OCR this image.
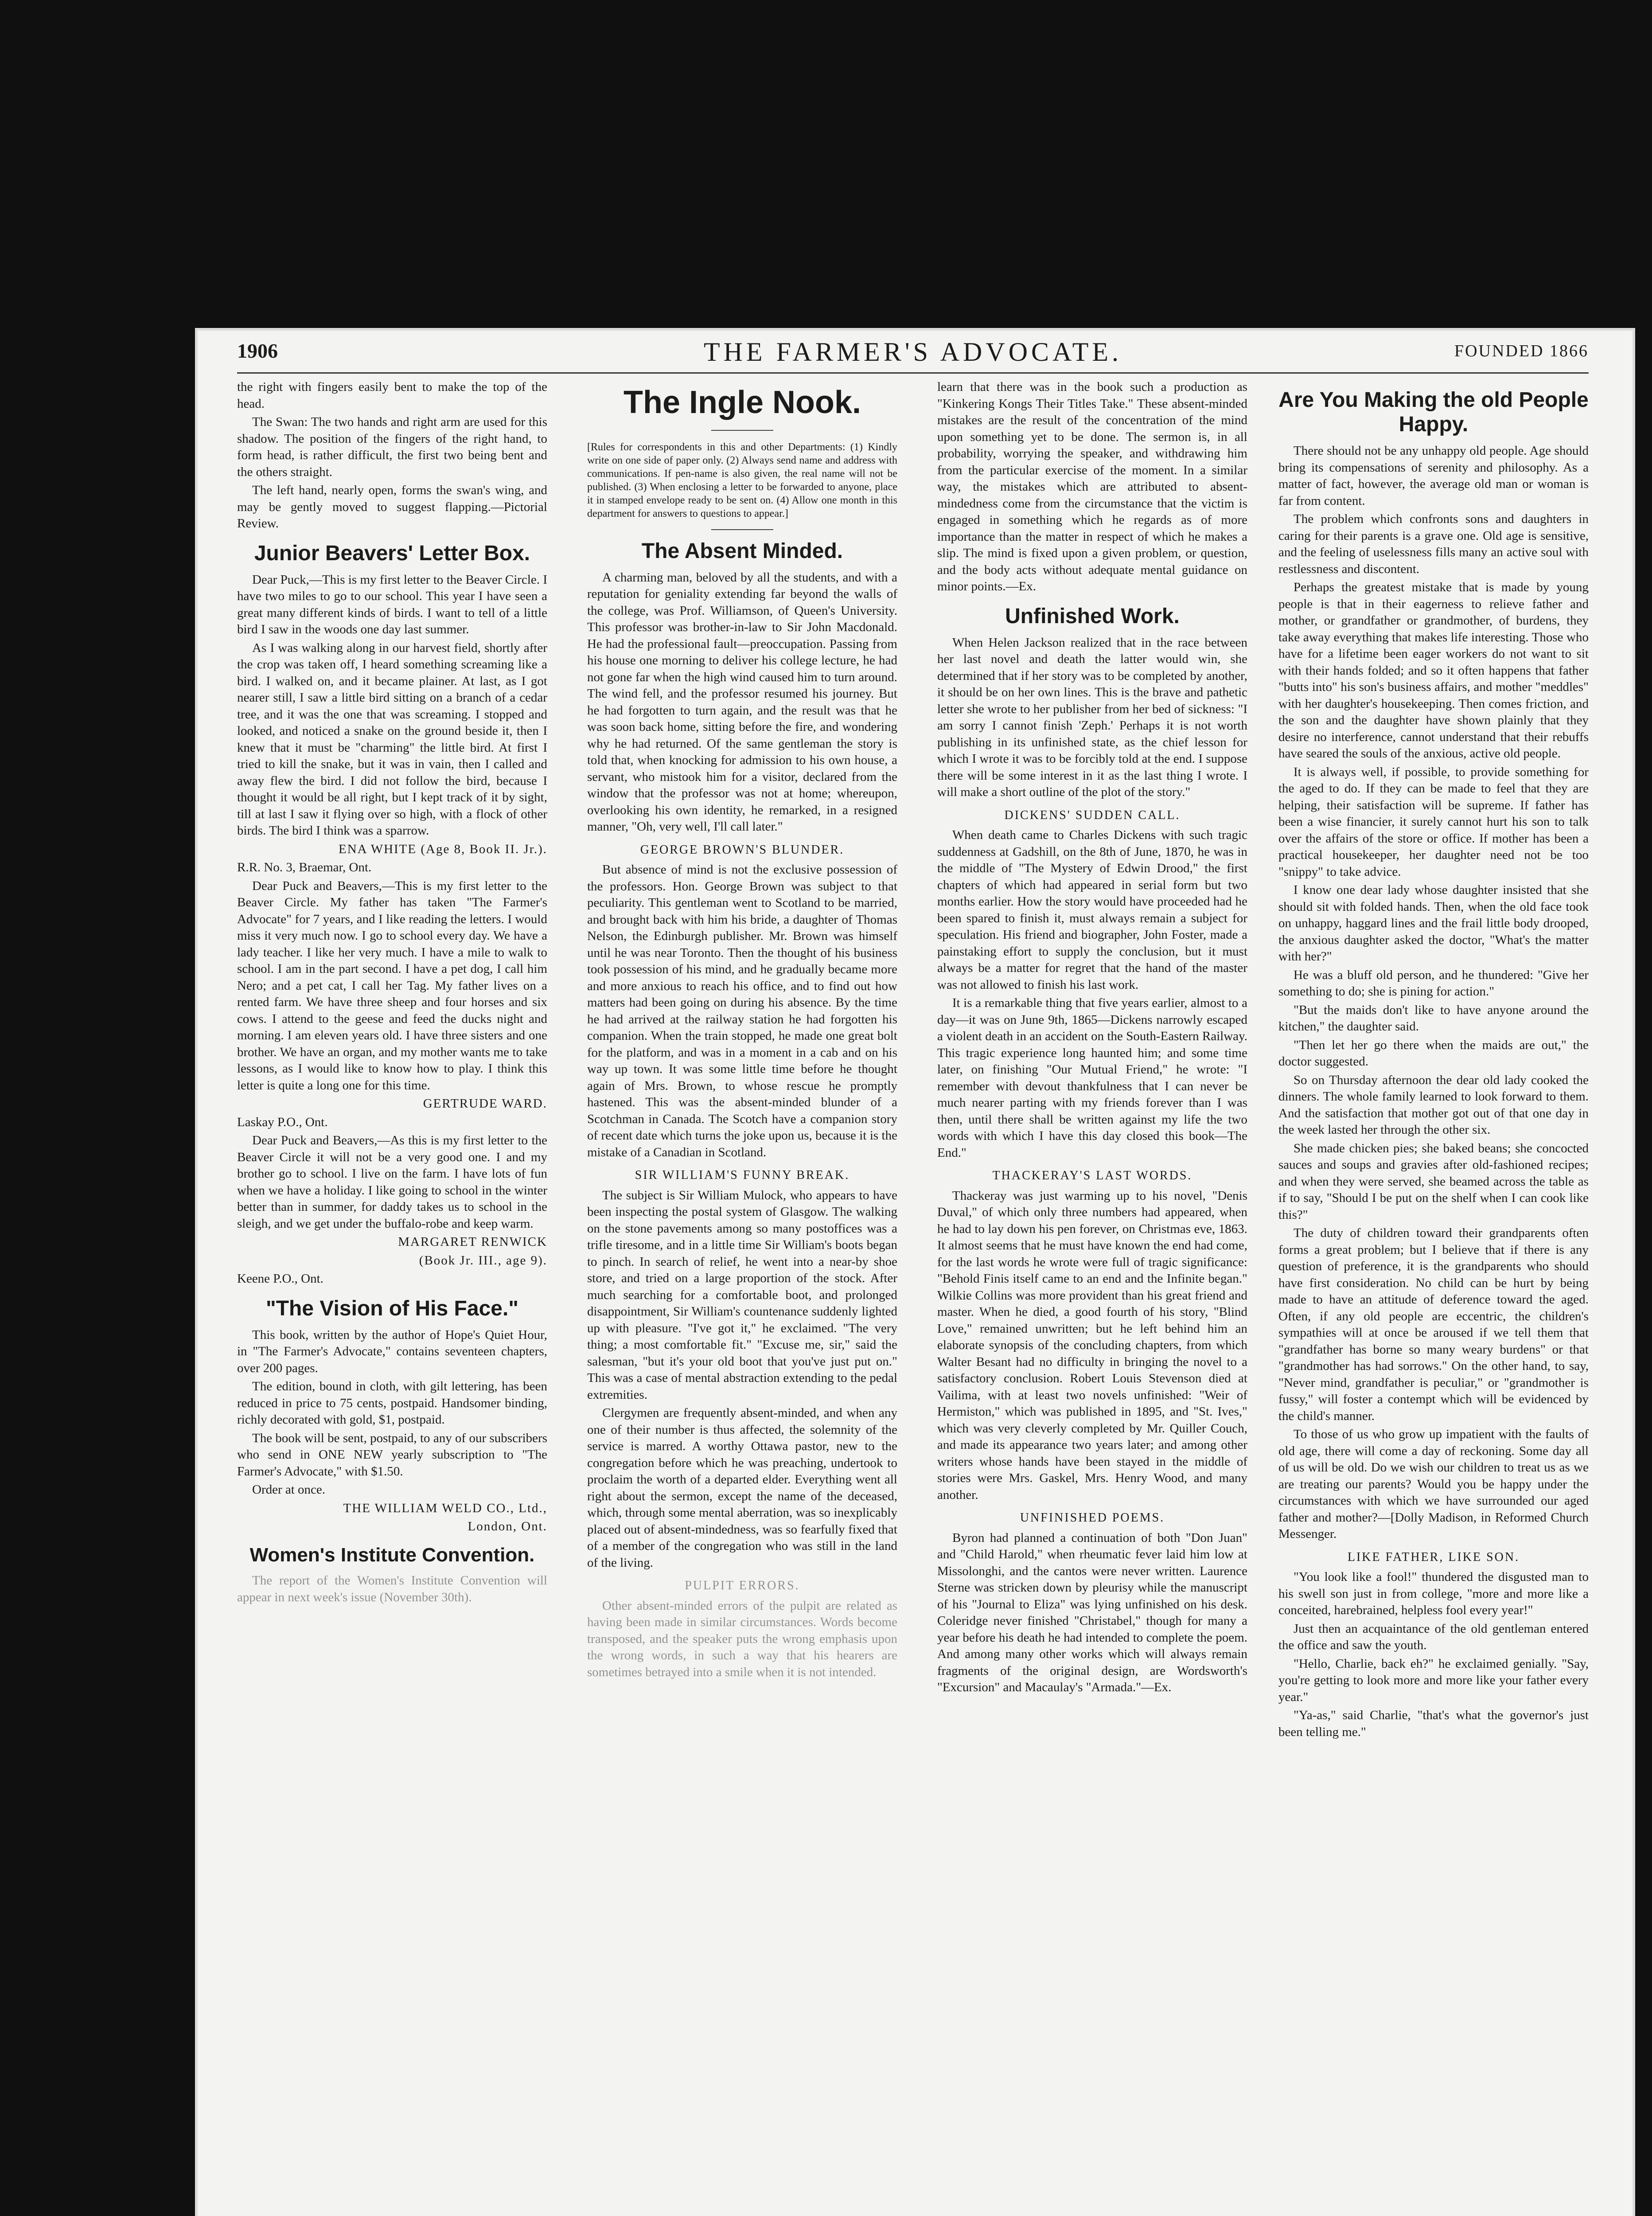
1906	THE FARMER'S ADVOCATE.	FOUNDED 1866

the right with fingers easily bent to make the top of the head.

The Swan: The two hands and right arm are used for this shadow. The position of the fingers of the right hand, to form head, is rather difficult, the first two being bent and the others straight.

The left hand, nearly open, forms the swan's wing, and may be gently moved to suggest flapping.—Pictorial Review.

Junior Beavers' Letter Box.

Dear Puck,—This is my first letter to the Beaver Circle. I have two miles to go to our school. This year I have seen a great many different kinds of birds. I want to tell of a little bird I saw in the woods one day last summer.

As I was walking along in our harvest field, shortly after the crop was taken off, I heard something screaming like a bird. I walked on, and it became plainer. At last, as I got nearer still, I saw a little bird sitting on a branch of a cedar tree, and it was the one that was screaming. I stopped and looked, and noticed a snake on the ground beside it, then I knew that it must be "charming" the little bird. At first I tried to kill the snake, but it was in vain, then I called and away flew the bird. I did not follow the bird, because I thought it would be all right, but I kept track of it by sight, till at last I saw it flying over so high, with a flock of other birds. The bird I think was a sparrow.

ENA WHITE (Age 8, Book II. Jr.).

R.R. No. 3, Braemar, Ont.

Dear Puck and Beavers,—This is my first letter to the Beaver Circle. My father has taken "The Farmer's Advocate" for 7 years, and I like reading the letters. I would miss it very much now. I go to school every day. We have a lady teacher. I like her very much. I have a mile to walk to school. I am in the part second. I have a pet dog, I call him Nero; and a pet cat, I call her Tag. My father lives on a rented farm. We have three sheep and four horses and six cows. I attend to the geese and feed the ducks night and morning. I am eleven years old. I have three sisters and one brother. We have an organ, and my mother wants me to take lessons, as I would like to know how to play. I think this letter is quite a long one for this time.

GERTRUDE WARD.

Laskay P.O., Ont.

Dear Puck and Beavers,—As this is my first letter to the Beaver Circle it will not be a very good one. I and my brother go to school. I live on the farm. I have lots of fun when we have a holiday. I like going to school in the winter better than in summer, for daddy takes us to school in the sleigh, and we get under the buffalo-robe and keep warm.

MARGARET RENWICK

(Book Jr. III., age 9).

Keene P.O., Ont.

"The Vision of His Face."

This book, written by the author of Hope's Quiet Hour, in "The Farmer's Advocate," contains seventeen chapters, over 200 pages.

The edition, bound in cloth, with gilt lettering, has been reduced in price to 75 cents, postpaid. Handsomer binding, richly decorated with gold, $1, postpaid.

The book will be sent, postpaid, to any of our subscribers who send in ONE NEW yearly subscription to "The Farmer's Advocate," with $1.50.

Order at once.

THE WILLIAM WELD CO., Ltd.,

London, Ont.

Women's Institute Convention.

The report of the Women's Institute Convention will appear in next week's issue (November 30th).

The Ingle Nook.
[Rules for correspondents in this and other Departments: (1) Kindly write on one side of paper only. (2) Always send name and address with communications. If pen-name is also given, the real name will not be published. (3) When enclosing a letter to be forwarded to anyone, place it in stamped envelope ready to be sent on. (4) Allow one month in this department for answers to questions to appear.]
The Absent Minded.

A charming man, beloved by all the students, and with a reputation for geniality extending far beyond the walls of the college, was Prof. Williamson, of Queen's University. This professor was brother-in-law to Sir John Macdonald. He had the professional fault—preoccupation. Passing from his house one morning to deliver his college lecture, he had not gone far when the high wind caused him to turn around. The wind fell, and the professor resumed his journey. But he had forgotten to turn again, and the result was that he was soon back home, sitting before the fire, and wondering why he had returned. Of the same gentleman the story is told that, when knocking for admission to his own house, a servant, who mistook him for a visitor, declared from the window that the professor was not at home; whereupon, overlooking his own identity, he remarked, in a resigned manner, "Oh, very well, I'll call later."

GEORGE BROWN'S BLUNDER.

But absence of mind is not the exclusive possession of the professors. Hon. George Brown was subject to that peculiarity. This gentleman went to Scotland to be married, and brought back with him his bride, a daughter of Thomas Nelson, the Edinburgh publisher. Mr. Brown was himself until he was near Toronto. Then the thought of his business took possession of his mind, and he gradually became more and more anxious to reach his office, and to find out how matters had been going on during his absence. By the time he had arrived at the railway station he had forgotten his companion. When the train stopped, he made one great bolt for the platform, and was in a moment in a cab and on his way up town. It was some little time before he thought again of Mrs. Brown, to whose rescue he promptly hastened. This was the absent-minded blunder of a Scotchman in Canada. The Scotch have a companion story of recent date which turns the joke upon us, because it is the mistake of a Canadian in Scotland.

SIR WILLIAM'S FUNNY BREAK.

The subject is Sir William Mulock, who appears to have been inspecting the postal system of Glasgow. The walking on the stone pavements among so many postoffices was a trifle tiresome, and in a little time Sir William's boots began to pinch. In search of relief, he went into a near-by shoe store, and tried on a large proportion of the stock. After much searching for a comfortable boot, and prolonged disappointment, Sir William's countenance suddenly lighted up with pleasure. "I've got it," he exclaimed. "The very thing; a most comfortable fit." "Excuse me, sir," said the salesman, "but it's your old boot that you've just put on." This was a case of mental abstraction extending to the pedal extremities.

Clergymen are frequently absent-minded, and when any one of their number is thus affected, the solemnity of the service is marred. A worthy Ottawa pastor, new to the congregation before which he was preaching, undertook to proclaim the worth of a departed elder. Everything went all right about the sermon, except the name of the deceased, which, through some mental aberration, was so inexplicably placed out of absent-mindedness, was so fearfully fixed that of a member of the congregation who was still in the land of the living.

PULPIT ERRORS.

Other absent-minded errors of the pulpit are related as having been made in similar circumstances. Words become transposed, and the speaker puts the wrong emphasis upon the wrong words, in such a way that his hearers are sometimes betrayed into a smile when it is not intended.

learn that there was in the book such a production as "Kinkering Kongs Their Titles Take." These absent-minded mistakes are the result of the concentration of the mind upon something yet to be done. The sermon is, in all probability, worrying the speaker, and withdrawing him from the particular exercise of the moment. In a similar way, the mistakes which are attributed to absent-mindedness come from the circumstance that the victim is engaged in something which he regards as of more importance than the matter in respect of which he makes a slip. The mind is fixed upon a given problem, or question, and the body acts without adequate mental guidance on minor points.—Ex.

Unfinished Work.

When Helen Jackson realized that in the race between her last novel and death the latter would win, she determined that if her story was to be completed by another, it should be on her own lines. This is the brave and pathetic letter she wrote to her publisher from her bed of sickness: "I am sorry I cannot finish 'Zeph.' Perhaps it is not worth publishing in its unfinished state, as the chief lesson for which I wrote it was to be forcibly told at the end. I suppose there will be some interest in it as the last thing I wrote. I will make a short outline of the plot of the story."

DICKENS' SUDDEN CALL.

When death came to Charles Dickens with such tragic suddenness at Gadshill, on the 8th of June, 1870, he was in the middle of "The Mystery of Edwin Drood," the first chapters of which had appeared in serial form but two months earlier. How the story would have proceeded had he been spared to finish it, must always remain a subject for speculation. His friend and biographer, John Foster, made a painstaking effort to supply the conclusion, but it must always be a matter for regret that the hand of the master was not allowed to finish his last work.

It is a remarkable thing that five years earlier, almost to a day—it was on June 9th, 1865—Dickens narrowly escaped a violent death in an accident on the South-Eastern Railway. This tragic experience long haunted him; and some time later, on finishing "Our Mutual Friend," he wrote: "I remember with devout thankfulness that I can never be much nearer parting with my friends forever than I was then, until there shall be written against my life the two words with which I have this day closed this book—The End."

THACKERAY'S LAST WORDS.

Thackeray was just warming up to his novel, "Denis Duval," of which only three numbers had appeared, when he had to lay down his pen forever, on Christmas eve, 1863. It almost seems that he must have known the end had come, for the last words he wrote were full of tragic significance: "Behold Finis itself came to an end and the Infinite began." Wilkie Collins was more provident than his great friend and master. When he died, a good fourth of his story, "Blind Love," remained unwritten; but he left behind him an elaborate synopsis of the concluding chapters, from which Walter Besant had no difficulty in bringing the novel to a satisfactory conclusion. Robert Louis Stevenson died at Vailima, with at least two novels unfinished: "Weir of Hermiston," which was published in 1895, and "St. Ives," which was very cleverly completed by Mr. Quiller Couch, and made its appearance two years later; and among other writers whose hands have been stayed in the middle of stories were Mrs. Gaskel, Mrs. Henry Wood, and many another.

UNFINISHED POEMS.

Byron had planned a continuation of both "Don Juan" and "Child Harold," when rheumatic fever laid him low at Missolonghi, and the cantos were never written. Laurence Sterne was stricken down by pleurisy while the manuscript of his "Journal to Eliza" was lying unfinished on his desk. Coleridge never finished "Christabel," though for many a year before his death he had intended to complete the poem. And among many other works which will always remain fragments of the original design, are Wordsworth's "Excursion" and Macaulay's "Armada."—Ex.

Are You Making the old People Happy.

There should not be any unhappy old people. Age should bring its compensations of serenity and philosophy. As a matter of fact, however, the average old man or woman is far from content.

The problem which confronts sons and daughters in caring for their parents is a grave one. Old age is sensitive, and the feeling of uselessness fills many an active soul with restlessness and discontent.

Perhaps the greatest mistake that is made by young people is that in their eagerness to relieve father and mother, or grandfather or grandmother, of burdens, they take away everything that makes life interesting. Those who have for a lifetime been eager workers do not want to sit with their hands folded; and so it often happens that father "butts into" his son's business affairs, and mother "meddles" with her daughter's housekeeping. Then comes friction, and the son and the daughter have shown plainly that they desire no interference, cannot understand that their rebuffs have seared the souls of the anxious, active old people.

It is always well, if possible, to provide something for the aged to do. If they can be made to feel that they are helping, their satisfaction will be supreme. If father has been a wise financier, it surely cannot hurt his son to talk over the affairs of the store or office. If mother has been a practical housekeeper, her daughter need not be too "snippy" to take advice.

I know one dear lady whose daughter insisted that she should sit with folded hands. Then, when the old face took on unhappy, haggard lines and the frail little body drooped, the anxious daughter asked the doctor, "What's the matter with her?"

He was a bluff old person, and he thundered: "Give her something to do; she is pining for action."

"But the maids don't like to have anyone around the kitchen," the daughter said.

"Then let her go there when the maids are out," the doctor suggested.

So on Thursday afternoon the dear old lady cooked the dinners. The whole family learned to look forward to them. And the satisfaction that mother got out of that one day in the week lasted her through the other six.

She made chicken pies; she baked beans; she concocted sauces and soups and gravies after old-fashioned recipes; and when they were served, she beamed across the table as if to say, "Should I be put on the shelf when I can cook like this?"

The duty of children toward their grandparents often forms a great problem; but I believe that if there is any question of preference, it is the grandparents who should have first consideration. No child can be hurt by being made to have an attitude of deference toward the aged. Often, if any old people are eccentric, the children's sympathies will at once be aroused if we tell them that "grandfather has borne so many weary burdens" or that "grandmother has had sorrows." On the other hand, to say, "Never mind, grandfather is peculiar," or "grandmother is fussy," will foster a contempt which will be evidenced by the child's manner.

To those of us who grow up impatient with the faults of old age, there will come a day of reckoning. Some day all of us will be old. Do we wish our children to treat us as we are treating our parents? Would you be happy under the circumstances with which we have surrounded our aged father and mother?—[Dolly Madison, in Reformed Church Messenger.

LIKE FATHER, LIKE SON.

"You look like a fool!" thundered the disgusted man to his swell son just in from college, "more and more like a conceited, harebrained, helpless fool every year!"

Just then an acquaintance of the old gentleman entered the office and saw the youth.

"Hello, Charlie, back eh?" he exclaimed genially. "Say, you're getting to look more and more like your father every year."

"Ya-as," said Charlie, "that's what the governor's just been telling me."
